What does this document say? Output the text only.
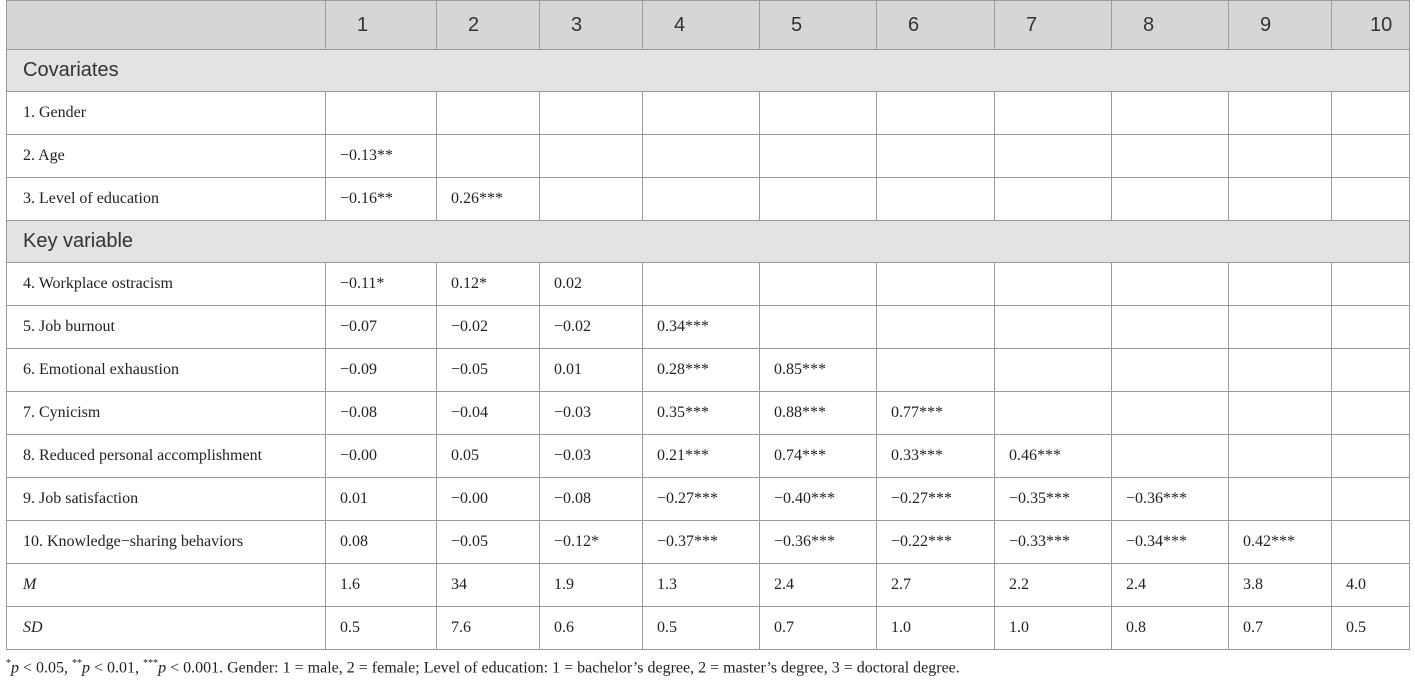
	1	2	3	4	5	6	7	8	9	10
Covariates										
1. Gender										
2. Age	−0.13**									
3. Level of education	−0.16**	0.26***								
Key variable										
4. Workplace ostracism	−0.11*	0.12*	0.02							
5. Job burnout	−0.07	−0.02	−0.02	0.34***						
6. Emotional exhaustion	−0.09	−0.05	0.01	0.28***	0.85***					
7. Cynicism	−0.08	−0.04	−0.03	0.35***	0.88***	0.77***				
8. Reduced personal accomplishment	−0.00	0.05	−0.03	0.21***	0.74***	0.33***	0.46***			
9. Job satisfaction	0.01	−0.00	−0.08	−0.27***	−0.40***	−0.27***	−0.35***	−0.36***		
10. Knowledge−sharing behaviors	0.08	−0.05	−0.12*	−0.37***	−0.36***	−0.22***	−0.33***	−0.34***	0.42***	
M	1.6	34	1.9	1.3	2.4	2.7	2.2	2.4	3.8	4.0
SD	0.5	7.6	0.6	0.5	0.7	1.0	1.0	0.8	0.7	0.5
*p < 0.05, **p < 0.01, ***p < 0.001. Gender: 1 = male, 2 = female; Level of education: 1 = bachelor’s degree, 2 = master’s degree, 3 = doctoral degree.
